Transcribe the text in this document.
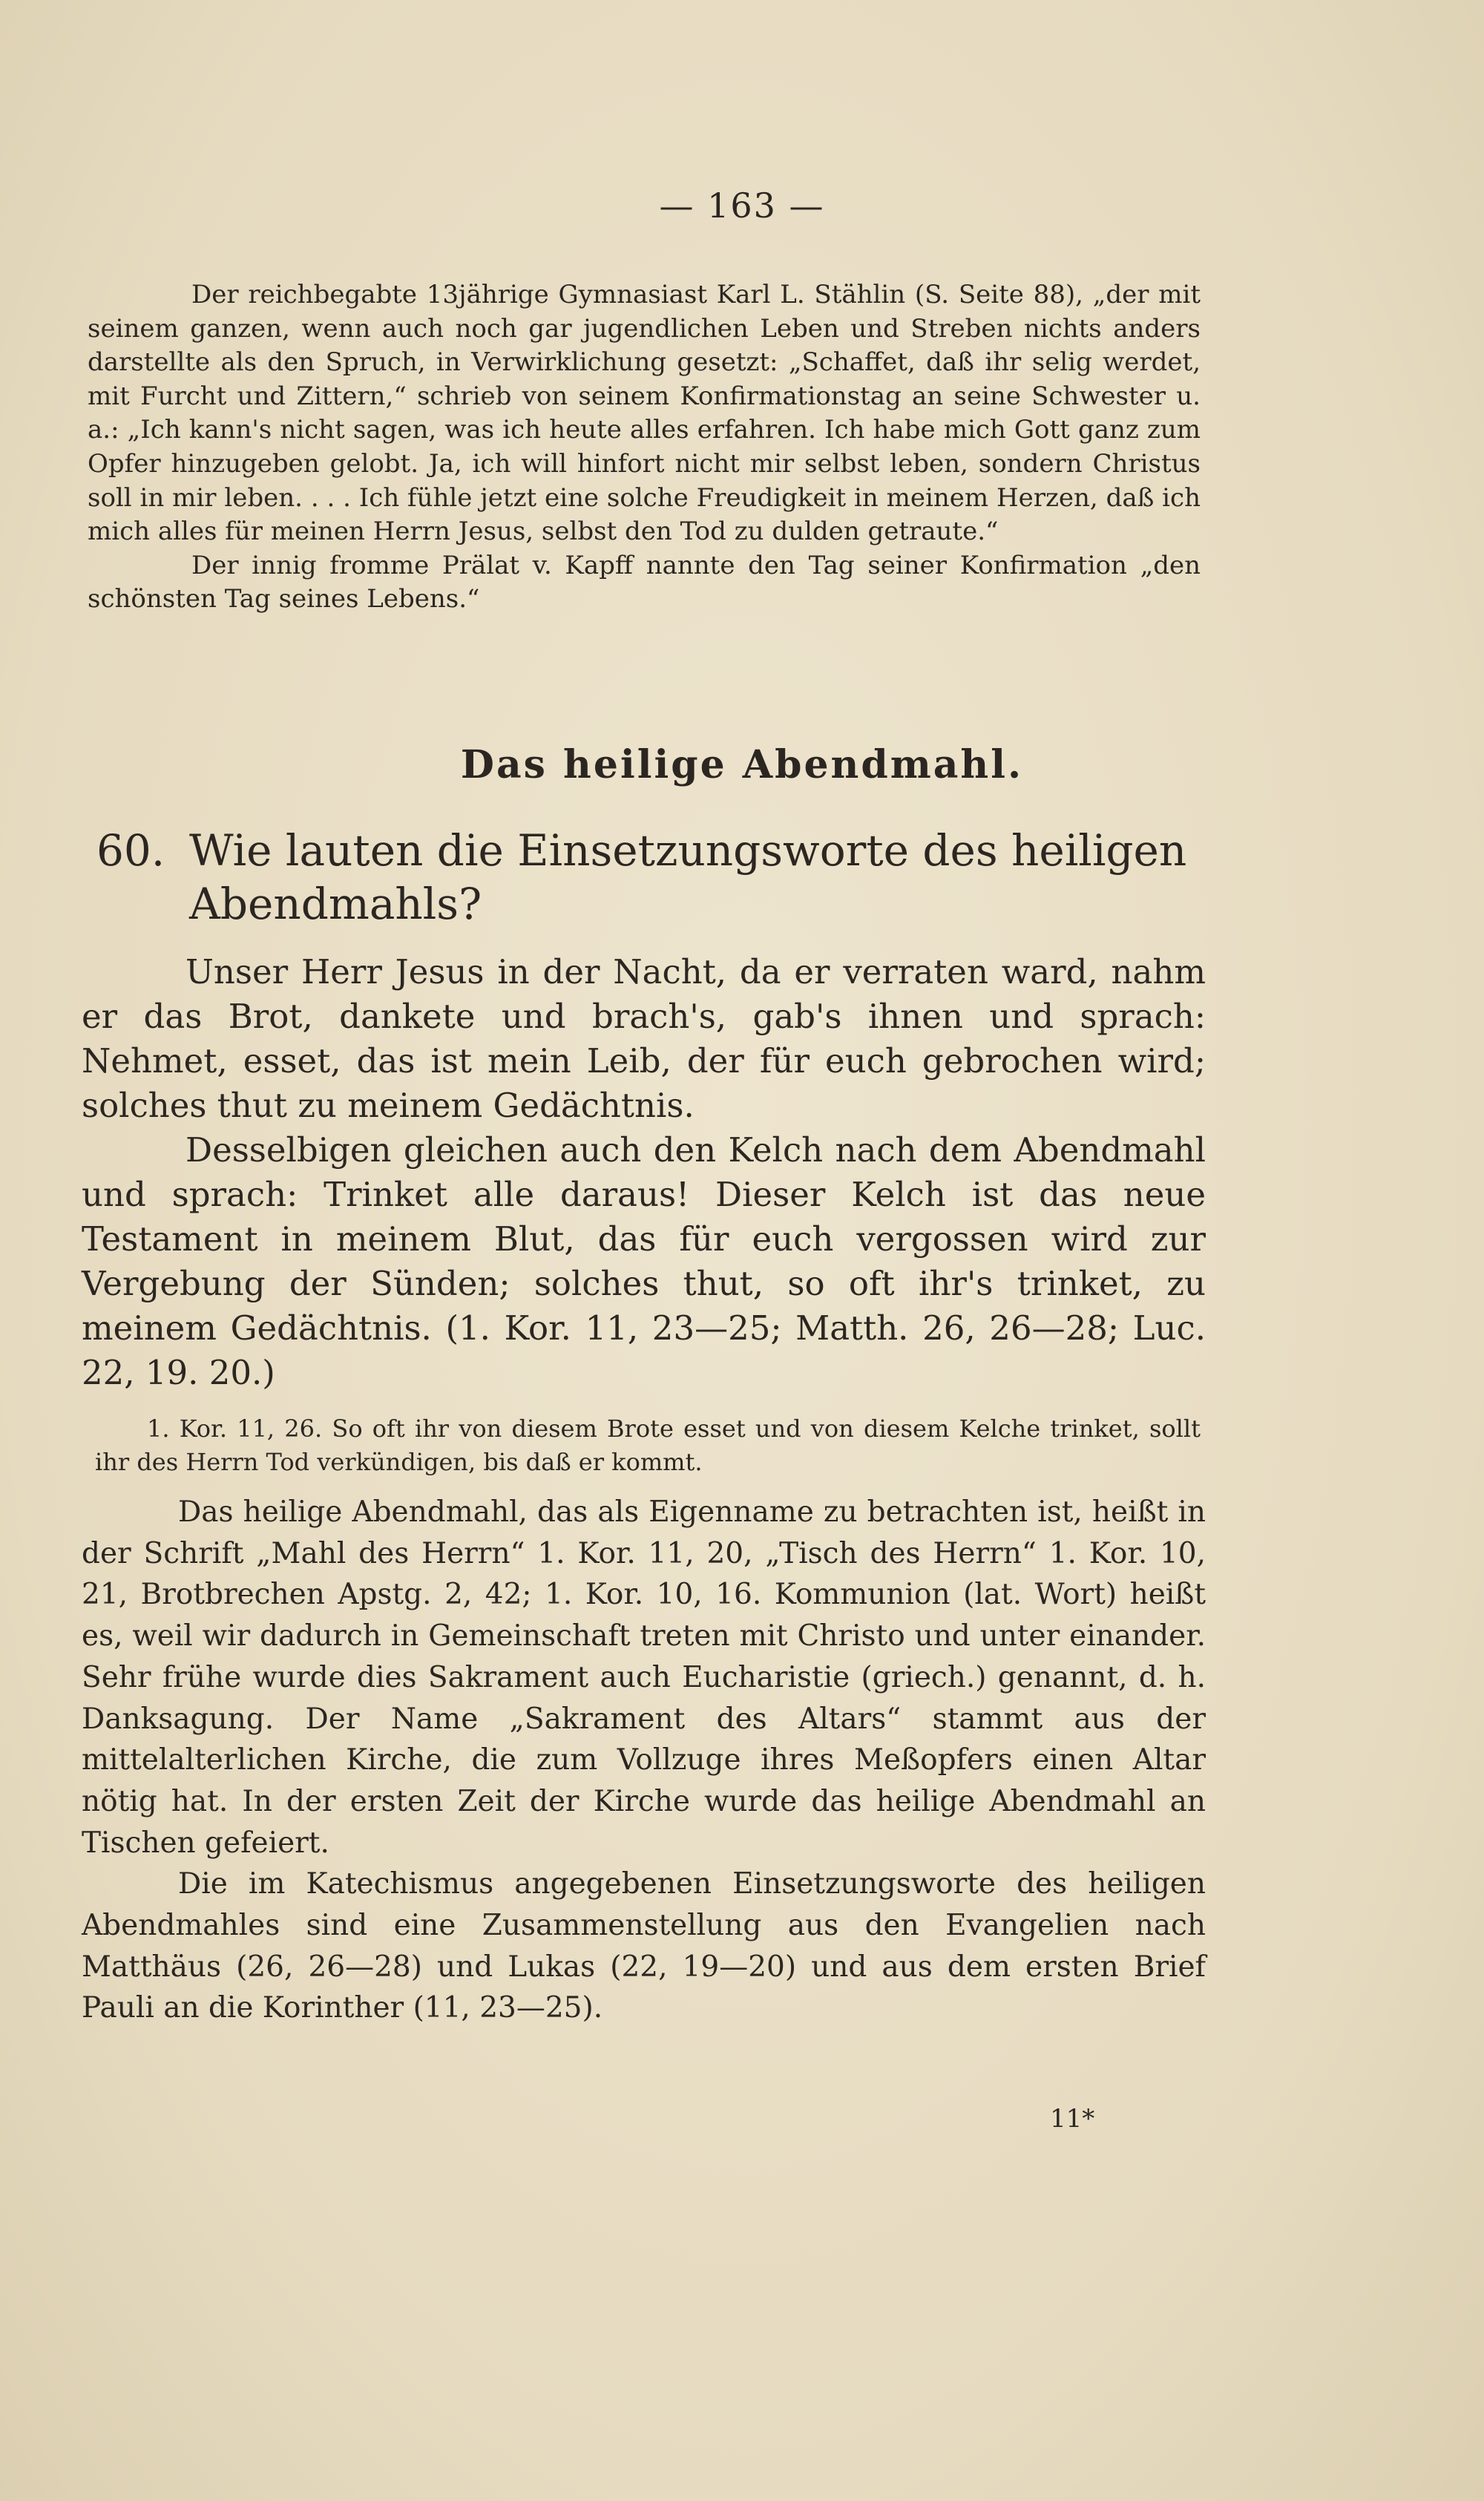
— 163 —

Der reichbegabte 13jährige Gymnasiast Karl L. Stählin (S. Seite 88), „der mit seinem ganzen, wenn auch noch gar jugendlichen Leben und Streben nichts anders darstellte als den Spruch, in Verwirklichung gesetzt: „Schaffet, daß ihr selig werdet, mit Furcht und Zittern,“ schrieb von seinem Konfirmationstag an seine Schwester u. a.: „Ich kann's nicht sagen, was ich heute alles erfahren. Ich habe mich Gott ganz zum Opfer hinzugeben gelobt. Ja, ich will hinfort nicht mir selbst leben, sondern Christus soll in mir leben. . . . Ich fühle jetzt eine solche Freudigkeit in meinem Herzen, daß ich mich alles für meinen Herrn Jesus, selbst den Tod zu dulden getraute.“

Der innig fromme Prälat v. Kapff nannte den Tag seiner Konfirmation „den schönsten Tag seines Lebens.“

Das heilige Abendmahl.
60. Wie lauten die Einsetzungsworte des heiligen
Abendmahls?

Unser Herr Jesus in der Nacht, da er verraten ward, nahm er das Brot, dankete und brach's, gab's ihnen und sprach: Nehmet, esset, das ist mein Leib, der für euch gebrochen wird; solches thut zu meinem Gedächtnis.

Desselbigen gleichen auch den Kelch nach dem Abendmahl und sprach: Trinket alle daraus! Dieser Kelch ist das neue Testament in meinem Blut, das für euch vergossen wird zur Vergebung der Sünden; solches thut, so oft ihr's trinket, zu meinem Gedächtnis. (1. Kor. 11, 23—25; Matth. 26, 26—28; Luc. 22, 19. 20.)

1. Kor. 11, 26. So oft ihr von diesem Brote esset und von diesem Kelche trinket, sollt ihr des Herrn Tod verkündigen, bis daß er kommt.

Das heilige Abendmahl, das als Eigenname zu betrachten ist, heißt in der Schrift „Mahl des Herrn“ 1. Kor. 11, 20, „Tisch des Herrn“ 1. Kor. 10, 21, Brotbrechen Apstg. 2, 42; 1. Kor. 10, 16. Kommunion (lat. Wort) heißt es, weil wir dadurch in Gemeinschaft treten mit Christo und unter einander. Sehr frühe wurde dies Sakrament auch Eucharistie (griech.) genannt, d. h. Danksagung. Der Name „Sakrament des Altars“ stammt aus der mittelalterlichen Kirche, die zum Vollzuge ihres Meßopfers einen Altar nötig hat. In der ersten Zeit der Kirche wurde das heilige Abendmahl an Tischen gefeiert.

Die im Katechismus angegebenen Einsetzungsworte des heiligen Abendmahles sind eine Zusammenstellung aus den Evangelien nach Matthäus (26, 26—28) und Lukas (22, 19—20) und aus dem ersten Brief Pauli an die Korinther (11, 23—25).

11*
